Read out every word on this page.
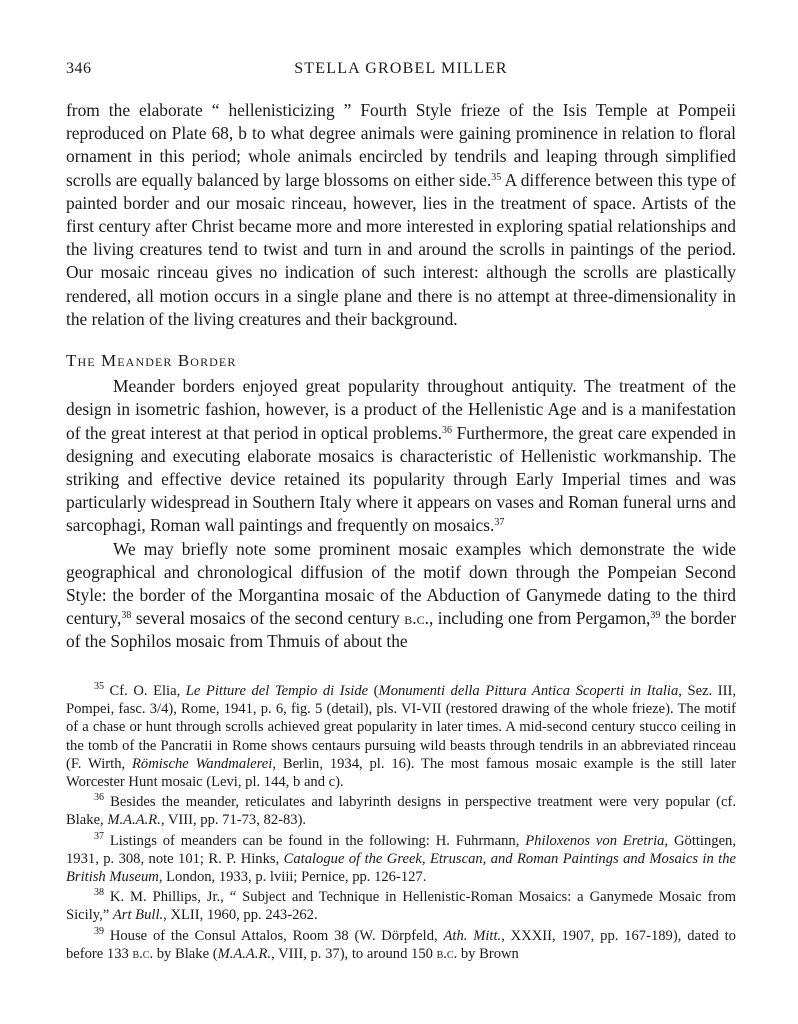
346	STELLA GROBEL MILLER

from the elaborate “ hellenisticizing ” Fourth Style frieze of the Isis Temple at Pompeii reproduced on Plate 68, b to what degree animals were gaining prominence in relation to floral ornament in this period; whole animals encircled by tendrils and leaping through simplified scrolls are equally balanced by large blossoms on either side.$^{35}$ A difference between this type of painted border and our mosaic rinceau, however, lies in the treatment of space. Artists of the first century after Christ became more and more interested in exploring spatial relationships and the living creatures tend to twist and turn in and around the scrolls in paintings of the period. Our mosaic rinceau gives no indication of such interest: although the scrolls are plastically rendered, all motion occurs in a single plane and there is no attempt at three-dimensionality in the relation of the living creatures and their background.

The Meander Border

Meander borders enjoyed great popularity throughout antiquity. The treatment of the design in isometric fashion, however, is a product of the Hellenistic Age and is a manifestation of the great interest at that period in optical problems.$^{36}$ Furthermore, the great care expended in designing and executing elaborate mosaics is characteristic of Hellenistic workmanship. The striking and effective device retained its popularity through Early Imperial times and was particularly widespread in Southern Italy where it appears on vases and Roman funeral urns and sarcophagi, Roman wall paintings and frequently on mosaics.$^{37}$

We may briefly note some prominent mosaic examples which demonstrate the wide geographical and chronological diffusion of the motif down through the Pompeian Second Style: the border of the Morgantina mosaic of the Abduction of Ganymede dating to the third century,$^{38}$ several mosaics of the second century b.c., including one from Pergamon,$^{39}$ the border of the Sophilos mosaic from Thmuis of about the

$^{35}$ Cf. O. Elia, Le Pitture del Tempio di Iside (Monumenti della Pittura Antica Scoperti in Italia, Sez. III, Pompei, fasc. 3/4), Rome, 1941, p. 6, fig. 5 (detail), pls. VI-VII (restored drawing of the whole frieze). The motif of a chase or hunt through scrolls achieved great popularity in later times. A mid-second century stucco ceiling in the tomb of the Pancratii in Rome shows centaurs pursuing wild beasts through tendrils in an abbreviated rinceau (F. Wirth, Römische Wandmalerei, Berlin, 1934, pl. 16). The most famous mosaic example is the still later Worcester Hunt mosaic (Levi, pl. 144, b and c).

$^{36}$ Besides the meander, reticulates and labyrinth designs in perspective treatment were very popular (cf. Blake, M.A.A.R., VIII, pp. 71-73, 82-83).

$^{37}$ Listings of meanders can be found in the following: H. Fuhrmann, Philoxenos von Eretria, Göttingen, 1931, p. 308, note 101; R. P. Hinks, Catalogue of the Greek, Etruscan, and Roman Paintings and Mosaics in the British Museum, London, 1933, p. lviii; Pernice, pp. 126-127.

$^{38}$ K. M. Phillips, Jr., “ Subject and Technique in Hellenistic-Roman Mosaics: a Ganymede Mosaic from Sicily,” Art Bull., XLII, 1960, pp. 243-262.

$^{39}$ House of the Consul Attalos, Room 38 (W. Dörpfeld, Ath. Mitt., XXXII, 1907, pp. 167-189), dated to before 133 b.c. by Blake (M.A.A.R., VIII, p. 37), to around 150 b.c. by Brown
